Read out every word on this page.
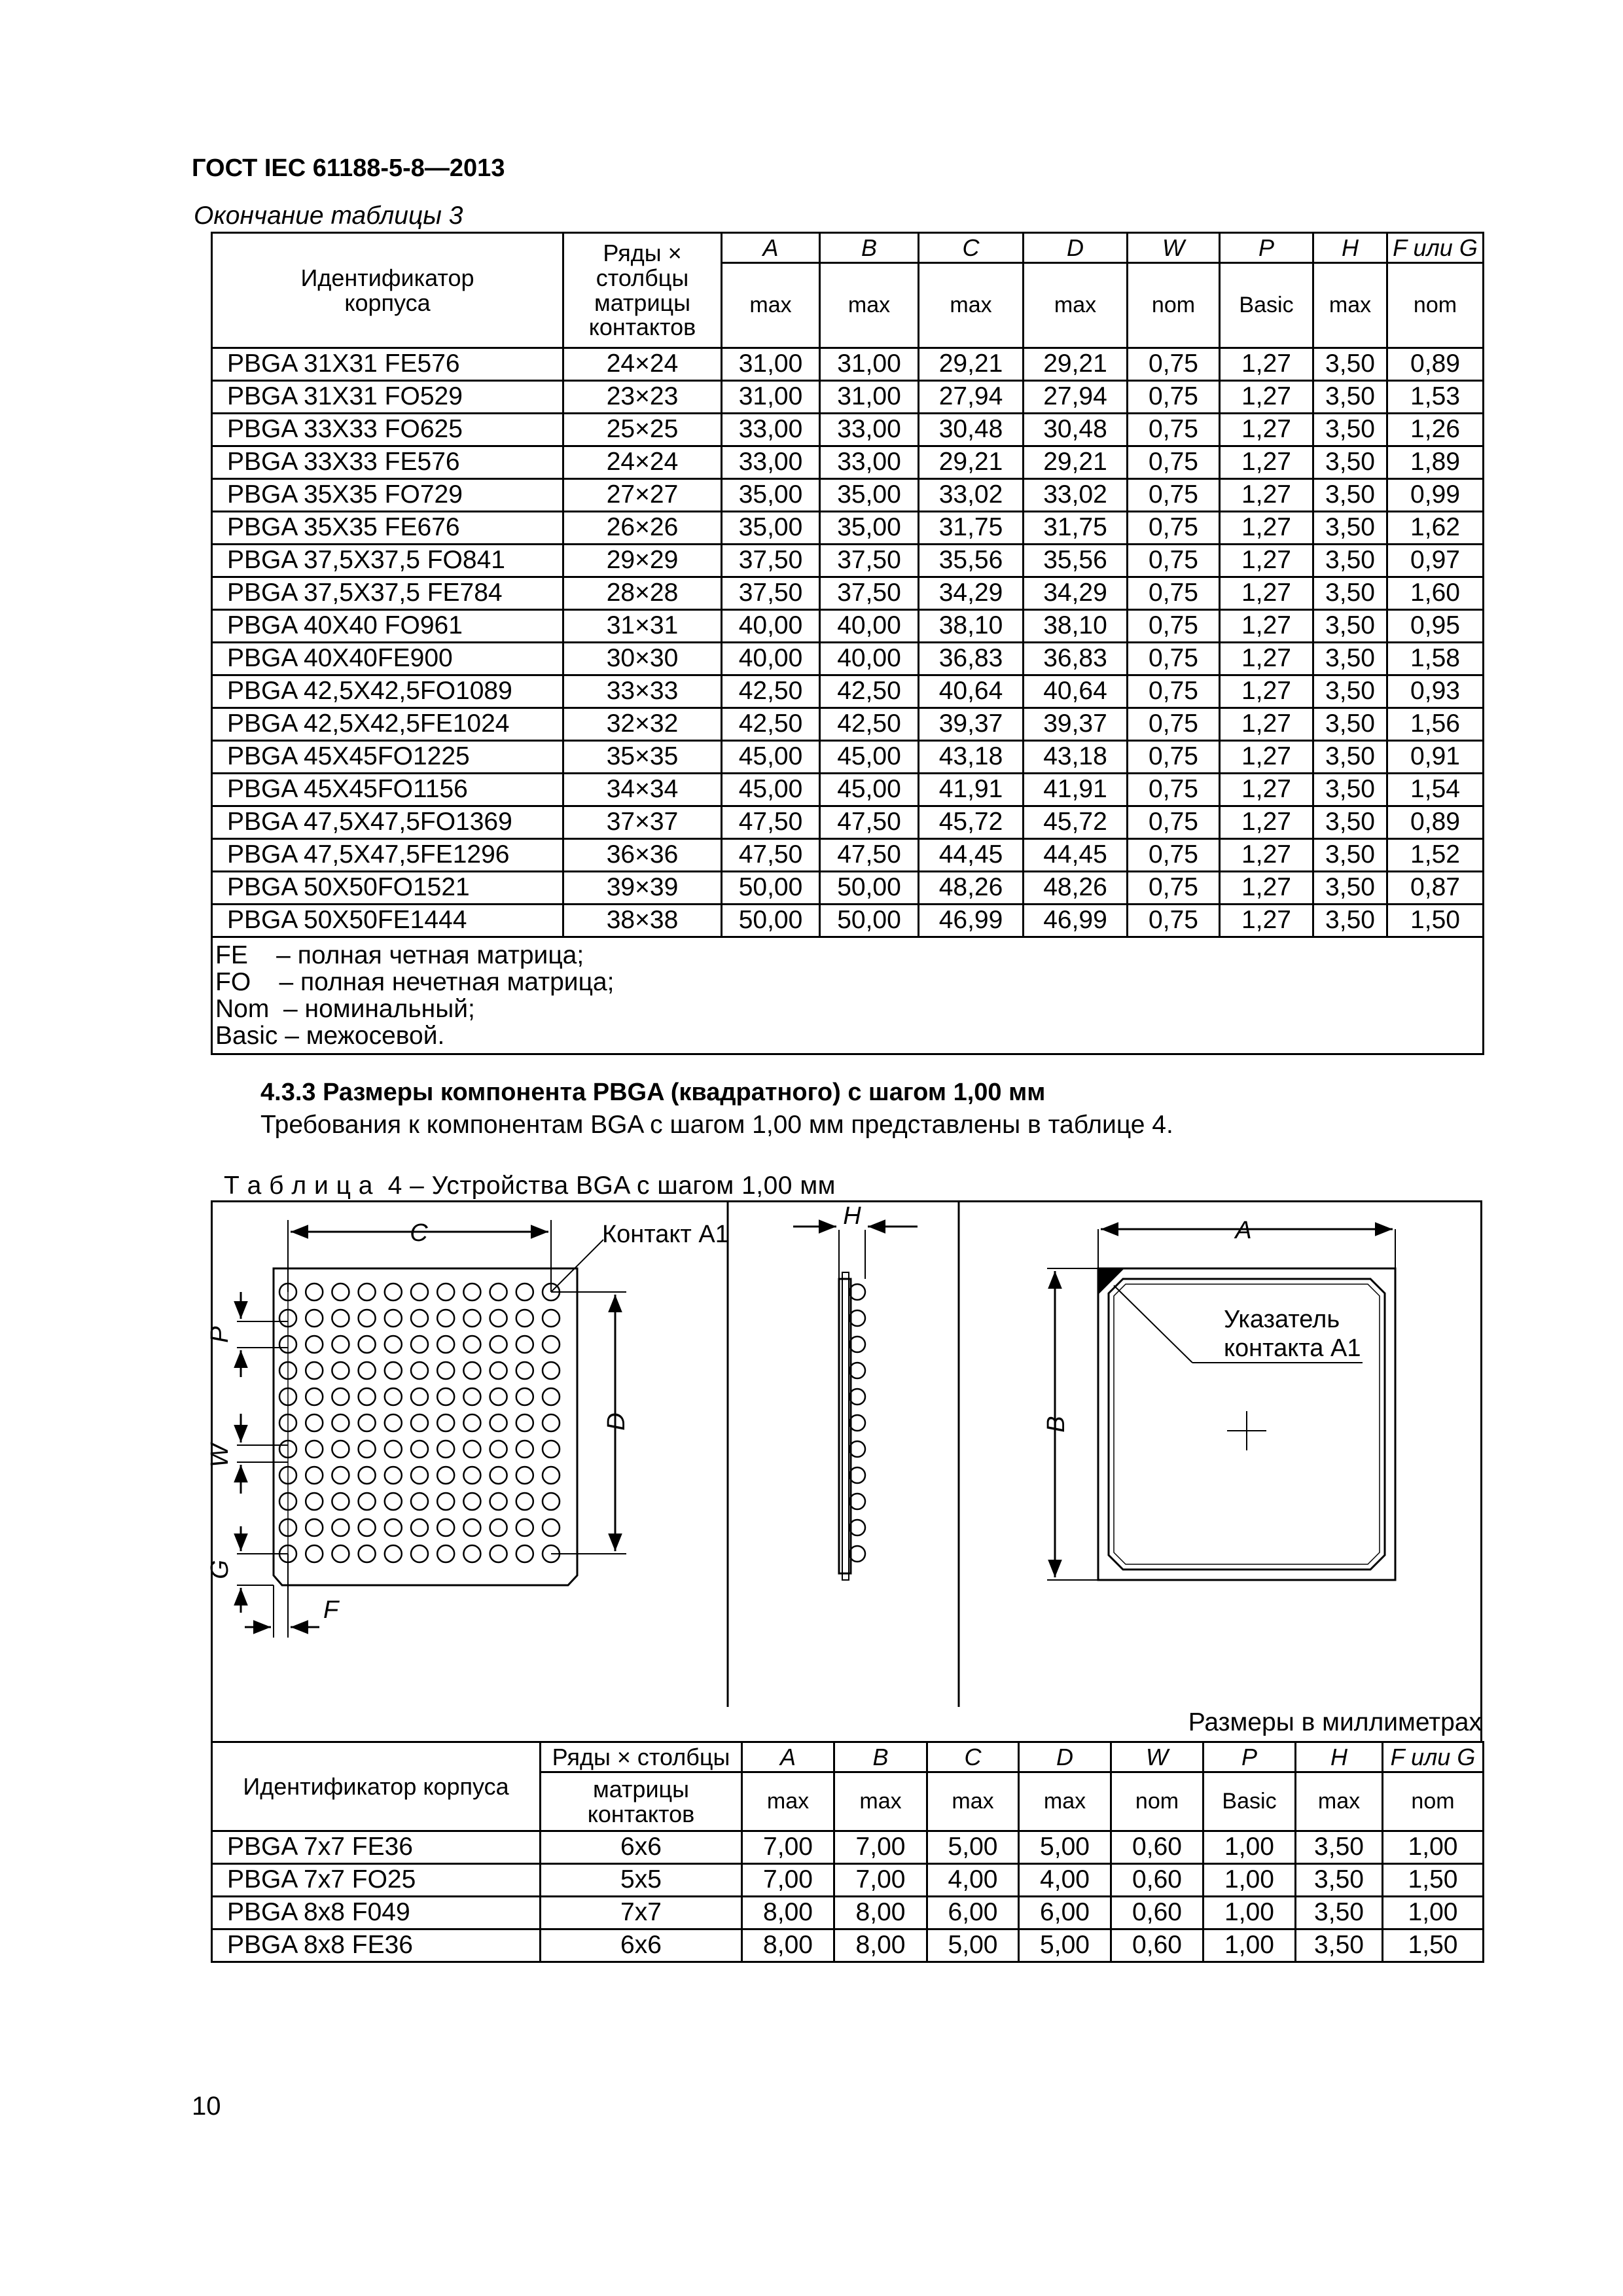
ГОСТ IEC 61188-5-8—2013
Окончание таблицы 3
Идентификатор корпуса	Ряды × столбцы матрицы контактов	A	B	C	D	W	P	H	F или G
		max	max	max	max	nom	Basic	max	nom
PBGA 31X31 FE576	24×24	31,00	31,00	29,21	29,21	0,75	1,27	3,50	0,89
PBGA 31X31 FO529	23×23	31,00	31,00	27,94	27,94	0,75	1,27	3,50	1,53
PBGA 33X33 FO625	25×25	33,00	33,00	30,48	30,48	0,75	1,27	3,50	1,26
PBGA 33X33 FE576	24×24	33,00	33,00	29,21	29,21	0,75	1,27	3,50	1,89
PBGA 35X35 FO729	27×27	35,00	35,00	33,02	33,02	0,75	1,27	3,50	0,99
PBGA 35X35 FE676	26×26	35,00	35,00	31,75	31,75	0,75	1,27	3,50	1,62
PBGA 37,5X37,5 FO841	29×29	37,50	37,50	35,56	35,56	0,75	1,27	3,50	0,97
PBGA 37,5X37,5 FE784	28×28	37,50	37,50	34,29	34,29	0,75	1,27	3,50	1,60
PBGA 40X40 FO961	31×31	40,00	40,00	38,10	38,10	0,75	1,27	3,50	0,95
PBGA 40X40FE900	30×30	40,00	40,00	36,83	36,83	0,75	1,27	3,50	1,58
PBGA 42,5X42,5FO1089	33×33	42,50	42,50	40,64	40,64	0,75	1,27	3,50	0,93
PBGA 42,5X42,5FE1024	32×32	42,50	42,50	39,37	39,37	0,75	1,27	3,50	1,56
PBGA 45X45FO1225	35×35	45,00	45,00	43,18	43,18	0,75	1,27	3,50	0,91
PBGA 45X45FO1156	34×34	45,00	45,00	41,91	41,91	0,75	1,27	3,50	1,54
PBGA 47,5X47,5FO1369	37×37	47,50	47,50	45,72	45,72	0,75	1,27	3,50	0,89
PBGA 47,5X47,5FE1296	36×36	47,50	47,50	44,45	44,45	0,75	1,27	3,50	1,52
PBGA 50X50FO1521	39×39	50,00	50,00	48,26	48,26	0,75	1,27	3,50	0,87
PBGA 50X50FE1444	38×38	50,00	50,00	46,99	46,99	0,75	1,27	3,50	1,50

FE    – полная четная матрица;
FO    – полная нечетная матрица;
Nom  – номинальный;
Basic – межосевой.									
4.3.3 Размеры компонента PBGA (квадратного) с шагом 1,00 мм
Требования к компонентам BGA с шагом 1,00 мм представлены в таблице 4.
Т а б л и ц а  4 – Устройства BGA с шагом 1,00 мм
C	Контакт A1
D
P
W
G
F
H
A
B
Указатель
контакта A1
Размеры в миллиметрах
Идентификатор корпуса	Ряды × столбцы	A	B	C	D	W	P	H	F или G
	матрицы контактов	max	max	max	max	nom	Basic	max	nom
PBGA 7x7 FE36	6x6	7,00	7,00	5,00	5,00	0,60	1,00	3,50	1,00
PBGA 7x7 FO25	5x5	7,00	7,00	4,00	4,00	0,60	1,00	3,50	1,50
PBGA 8x8 F049	7x7	8,00	8,00	6,00	6,00	0,60	1,00	3,50	1,00
PBGA 8x8 FE36	6x6	8,00	8,00	5,00	5,00	0,60	1,00	3,50	1,50
10
